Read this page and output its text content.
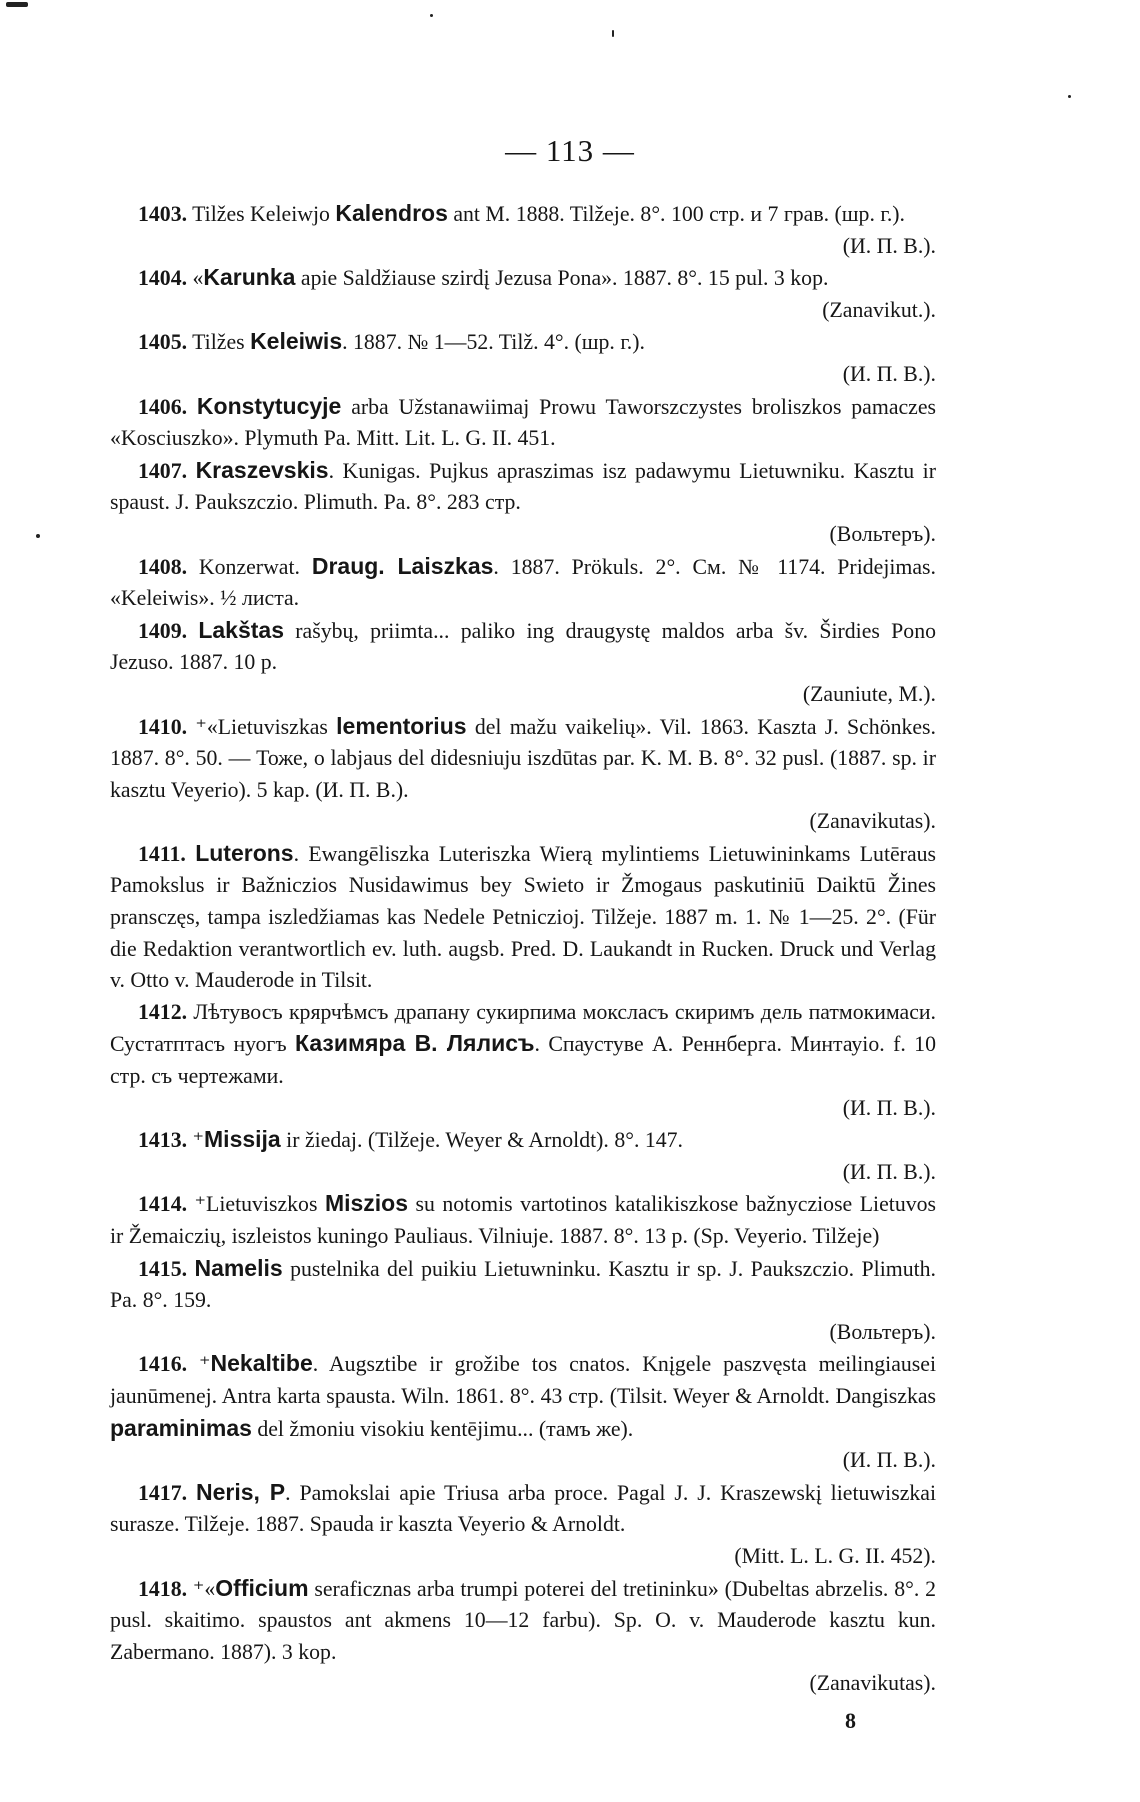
— 113 —

1403. Tilžes Keleiwjo Kalendros ant M. 1888. Tilžeje. 8°. 100 стр. и 7 грав. (шр. г.).

(И. П. В.).

1404. «Karunka apie Saldžiause szirdį Jezusa Pona». 1887. 8°. 15 pul. 3 kop.

(Zanavikut.).

1405. Tilžes Keleiwis. 1887. № 1—52. Tilž. 4°. (шр. г.).

(И. П. В.).

1406. Konstytucyje arba Užstanawiimaj Prowu Taworszczystes broliszkos pamaczes «Kosciuszko». Plymuth Pa. Mitt. Lit. L. G. II. 451.

1407. Kraszevskis. Kunigas. Pujkus apraszimas isz padawymu Lietuwniku. Kasztu ir spaust. J. Paukszczio. Plimuth. Pa. 8°. 283 стр.

(Вольтеръ).

1408. Konzerwat. Draug. Laiszkas. 1887. Prökuls. 2°. См. № 1174. Pridejimas. «Keleiwis». ½ листа.

1409. Lakštas rašybų, priimta... paliko ing draugystę maldos arba šv. Širdies Pono Jezuso. 1887. 10 p.

(Zauniute, M.).

1410. ⁺«Lietuviszkas lementorius del mažu vaikelių». Vil. 1863. Kaszta J. Schönkes. 1887. 8°. 50. — Тоже, o labjaus del didesniuju iszdūtas par. K. M. B. 8°. 32 pusl. (1887. sp. ir kasztu Veyerio). 5 kap. (И. П. В.).

(Zanavikutas).

1411. Luterons. Ewangēliszka Luteriszka Wierą mylintiems Lietuwininkams Lutēraus Pamokslus ir Bažniczios Nusidawimus bey Swieto ir Žmogaus paskutiniū Daiktū Žines pransczęs, tampa iszledžiamas kas Nedele Petniczioj. Tilžeje. 1887 m. 1. № 1—25. 2°. (Für die Redaktion verantwortlich ev. luth. augsb. Pred. D. Laukandt in Rucken. Druck und Verlag v. Otto v. Mauderode in Tilsit.

1412. Лѣтувосъ крярчѣмсъ драпану сукирпима моксласъ скиримъ дель патмокимаси. Сустатптасъ нуогъ Казимяра В. Лялисъ. Спаустуве А. Реннберга. Минтауio. f. 10 стр. съ чертежами.

(И. П. В.).

1413. ⁺Missija ir žiedaj. (Tilžeje. Weyer & Arnoldt). 8°. 147.

(И. П. В.).

1414. ⁺Lietuviszkos Miszios su notomis vartotinos katalikiszkose bažnycziose Lietuvos ir Žemaiczių, iszleistos kuningo Pauliaus. Vilniuje. 1887. 8°. 13 p. (Sp. Veyerio. Tilžeje)

1415. Namelis pustelnika del puikiu Lietuwninku. Kasztu ir sp. J. Paukszczio. Plimuth. Pa. 8°. 159.

(Вольтеръ).

1416. ⁺Nekaltibe. Augsztibe ir grožibe tos cnatos. Knįgele paszvęsta meilingiausei jaunūmenej. Antra karta spausta. Wiln. 1861. 8°. 43 стр. (Tilsit. Weyer & Arnoldt. Dangiszkas paraminimas del žmoniu visokiu kentējimu... (тамъ же).

(И. П. В.).

1417. Neris, P. Pamokslai apie Triusa arba proce. Pagal J. J. Kraszewskį lietuwiszkai surasze. Tilžeje. 1887. Spauda ir kaszta Veyerio & Arnoldt.

(Mitt. L. L. G. II. 452).

1418. ⁺«Officium seraficznas arba trumpi poterei del tretininku» (Dubeltas abrzelis. 8°. 2 pusl. skaitimo. spaustos ant akmens 10—12 farbu). Sp. O. v. Mauderode kasztu kun. Zabermano. 1887). 3 kop.

(Zanavikutas).
8
